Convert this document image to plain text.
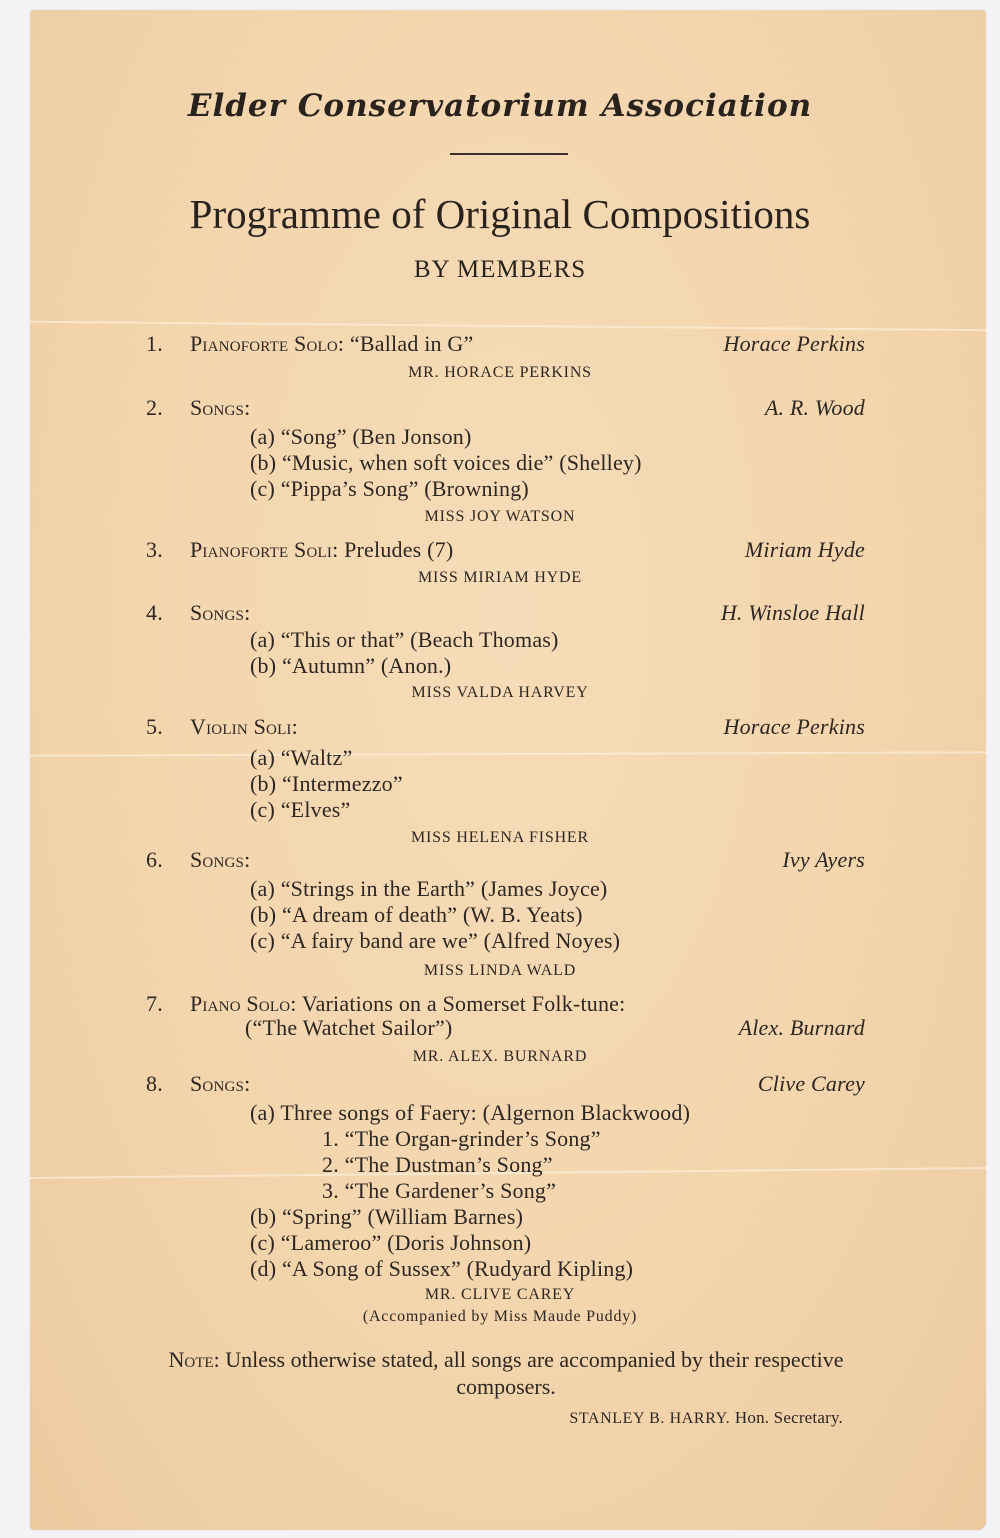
Elder Conservatorium Association
Programme of Original Compositions
BY MEMBERS
1. Pianoforte Solo: “Ballad in G”	Horace Perkins
MR. HORACE PERKINS
2. Songs:	A. R. Wood
(a) “Song” (Ben Jonson)
(b) “Music, when soft voices die” (Shelley)
(c) “Pippa’s Song” (Browning)
MISS JOY WATSON
3. Pianoforte Soli: Preludes (7)	Miriam Hyde
MISS MIRIAM HYDE
4. Songs:	H. Winsloe Hall
(a) “This or that” (Beach Thomas)
(b) “Autumn” (Anon.)
MISS VALDA HARVEY
5. Violin Soli:	Horace Perkins
(a) “Waltz”
(b) “Intermezzo”
(c) “Elves”
MISS HELENA FISHER
6. Songs:	Ivy Ayers
(a) “Strings in the Earth” (James Joyce)
(b) “A dream of death” (W. B. Yeats)
(c) “A fairy band are we” (Alfred Noyes)
MISS LINDA WALD
7. Piano Solo: Variations on a Somerset Folk-tune:
(“The Watchet Sailor”)	Alex. Burnard
MR. ALEX. BURNARD
8. Songs:	Clive Carey
(a) Three songs of Faery: (Algernon Blackwood)
1. “The Organ-grinder’s Song”
2. “The Dustman’s Song”
3. “The Gardener’s Song”
(b) “Spring” (William Barnes)
(c) “Lameroo” (Doris Johnson)
(d) “A Song of Sussex” (Rudyard Kipling)
MR. CLIVE CAREY
(Accompanied by Miss Maude Puddy)
Note: Unless otherwise stated, all songs are accompanied by their respective composers.
STANLEY B. HARRY. Hon. Secretary.
